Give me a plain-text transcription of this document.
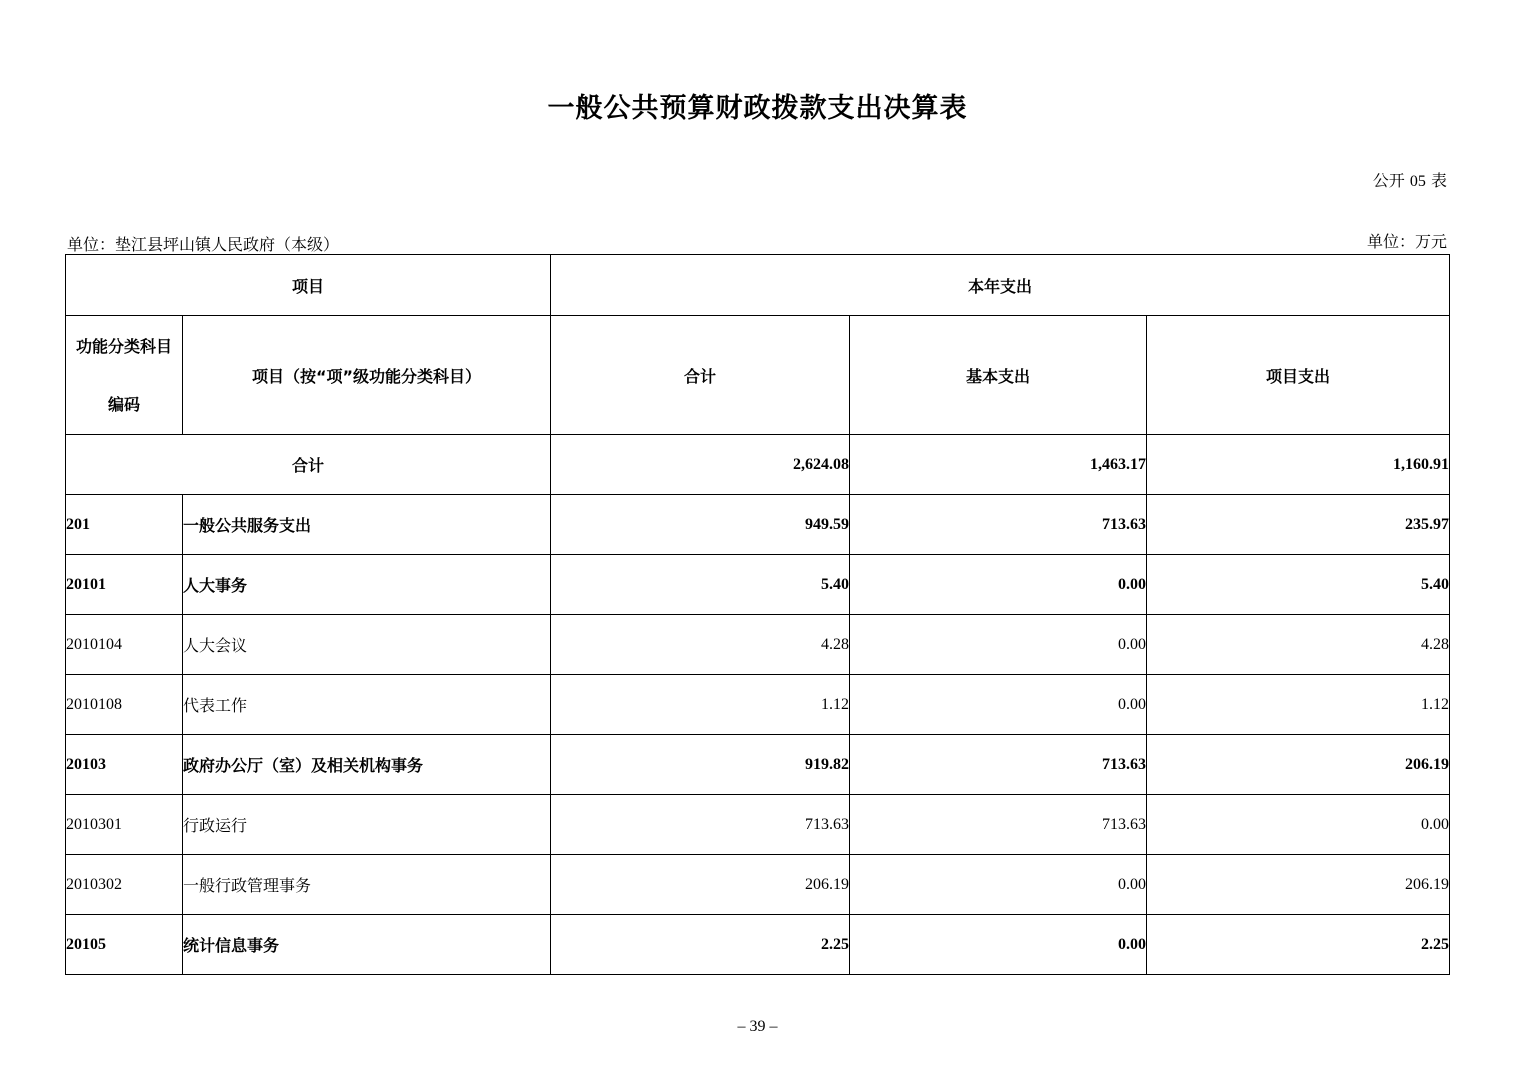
一般公共预算财政拨款支出决算表
公开 05 表
单位：垫江县坪山镇人民政府（本级）	单位：万元
项目		本年支出		

功能分类科目

编码	项目（按“项”级功能分类科目）	合计	基本支出	项目支出
合计		2,624.08	1,463.17	1,160.91
201	一般公共服务支出	949.59	713.63	235.97
20101	人大事务	5.40	0.00	5.40
2010104	人大会议	4.28	0.00	4.28
2010108	代表工作	1.12	0.00	1.12
20103	政府办公厅（室）及相关机构事务	919.82	713.63	206.19
2010301	行政运行	713.63	713.63	0.00
2010302	一般行政管理事务	206.19	0.00	206.19
20105	统计信息事务	2.25	0.00	2.25
– 39 –
